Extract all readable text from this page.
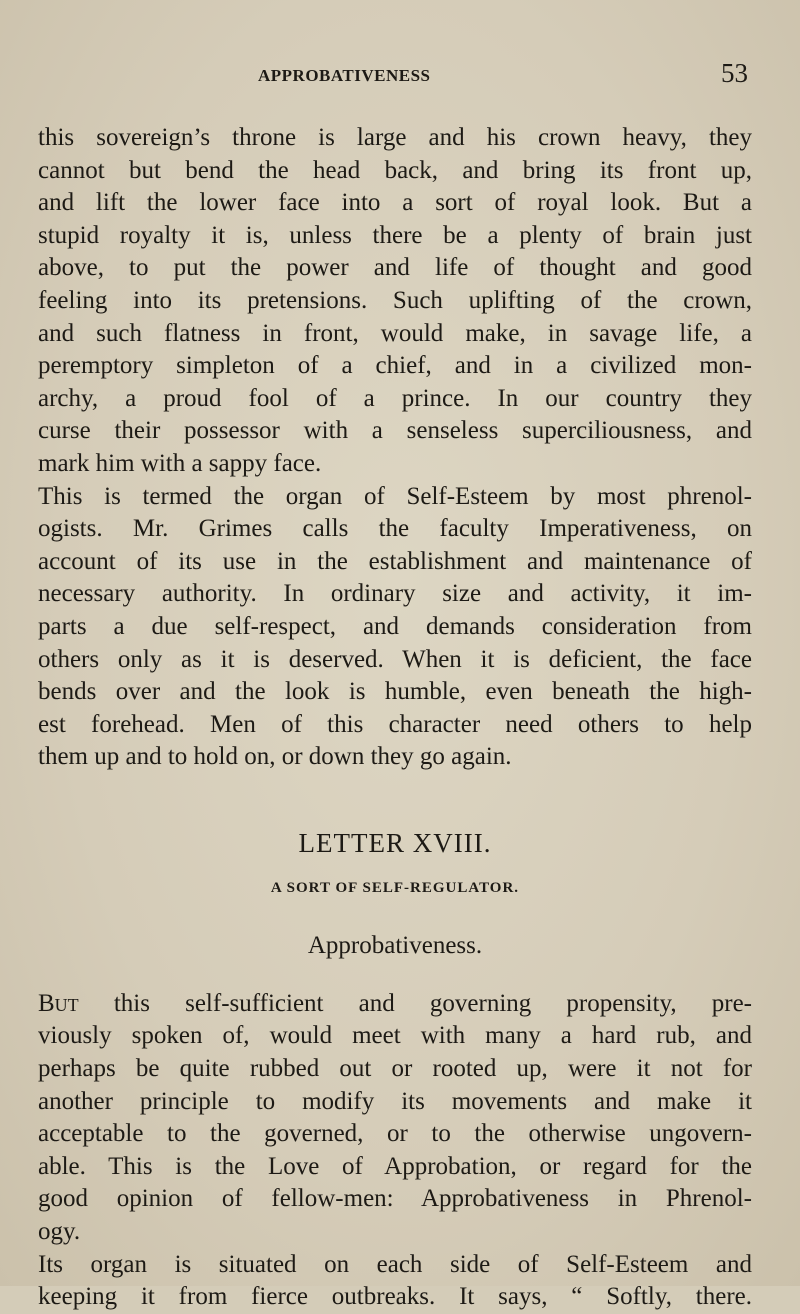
APPROBATIVENESS	53
this sovereign’s throne is large and his crown heavy, they
cannot but bend the head back, and bring its front up,
and lift the lower face into a sort of royal look. But a
stupid royalty it is, unless there be a plenty of brain just
above, to put the power and life of thought and good
feeling into its pretensions. Such uplifting of the crown,
and such flatness in front, would make, in savage life, a
peremptory simpleton of a chief, and in a civilized mon-
archy, a proud fool of a prince. In our country they
curse their possessor with a senseless superciliousness, and
mark him with a sappy face.
This is termed the organ of Self-Esteem by most phrenol-
ogists. Mr. Grimes calls the faculty Imperativeness, on
account of its use in the establishment and maintenance of
necessary authority. In ordinary size and activity, it im-
parts a due self-respect, and demands consideration from
others only as it is deserved. When it is deficient, the face
bends over and the look is humble, even beneath the high-
est forehead. Men of this character need others to help
them up and to hold on, or down they go again.
LETTER XVIII.
A SORT OF SELF-REGULATOR.
Approbativeness.
But this self-sufficient and governing propensity, pre-
viously spoken of, would meet with many a hard rub, and
perhaps be quite rubbed out or rooted up, were it not for
another principle to modify its movements and make it
acceptable to the governed, or to the otherwise ungovern-
able. This is the Love of Approbation, or regard for the
good opinion of fellow-men: Approbativeness in Phrenol-
ogy.
Its organ is situated on each side of Self-Esteem and
keeping it from fierce outbreaks. It says, “ Softly, there.
